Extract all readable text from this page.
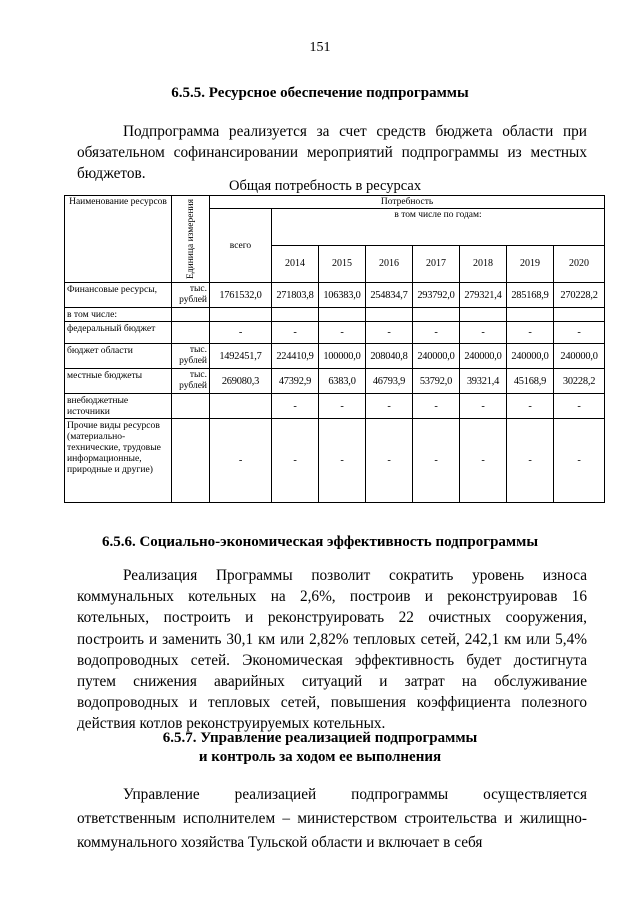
151
6.5.5. Ресурсное обеспечение подпрограммы
Подпрограмма реализуется за счет средств бюджета области при обязательном софинансировании мероприятий подпрограммы из местных бюджетов.
Общая потребность в ресурсах
Наименование ресурсов	Единица измерения	Потребность							
		всего	в том числе по годам:						
			2014	2015	2016	2017	2018	2019	2020
Финансовые ресурсы,	тыс. рублей	1761532,0	271803,8	106383,0	254834,7	293792,0	279321,4	285168,9	270228,2
в том числе:									
федеральный бюджет		-	-	-	-	-	-	-	-
бюджет области	тыс. рублей	1492451,7	224410,9	100000,0	208040,8	240000,0	240000,0	240000,0	240000,0
местные бюджеты	тыс. рублей	269080,3	47392,9	6383,0	46793,9	53792,0	39321,4	45168,9	30228,2
внебюджетные источники			-	-	-	-	-	-	-
Прочие виды ресурсов (материально-технические, трудовые информационные, природные и другие)		-	-	-	-	-	-	-	-
6.5.6. Социально-экономическая эффективность подпрограммы
Реализация Программы позволит сократить уровень износа коммунальных котельных на 2,6%, построив и реконструировав 16 котельных, построить и реконструировать 22 очистных сооружения, построить и заменить 30,1 км или 2,82% тепловых сетей, 242,1 км или 5,4% водопроводных сетей. Экономическая эффективность будет достигнута путем снижения аварийных ситуаций и затрат на обслуживание водопроводных и тепловых сетей, повышения коэффициента полезного действия котлов реконструируемых котельных.
6.5.7. Управление реализацией подпрограммы
и контроль за ходом ее выполнения
Управление реализацией подпрограммы осуществляется ответственным исполнителем – министерством строительства и жилищно-коммунального хозяйства Тульской области и включает в себя
